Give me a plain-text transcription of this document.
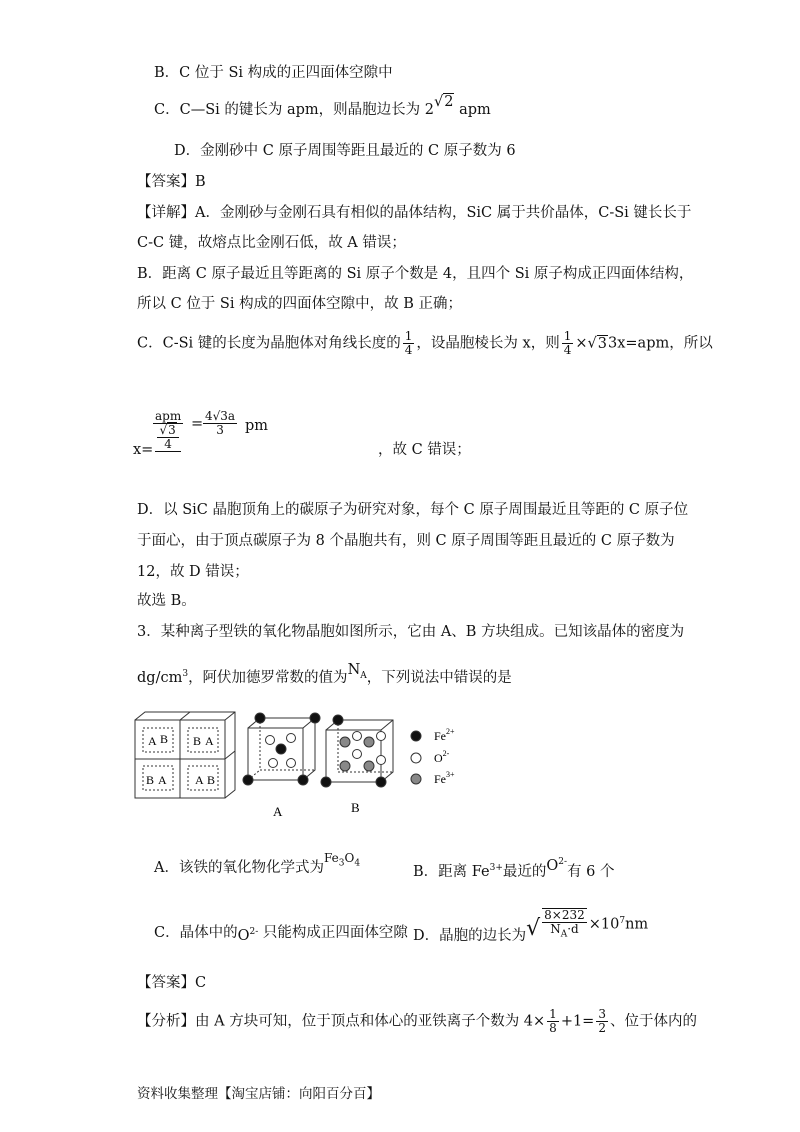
B．C 位于 Si 构成的正四面体空隙中
C．C—Si 的键长为 apm，则晶胞边长为 2√2 apm
D．金刚砂中 C 原子周围等距且最近的 C 原子数为 6
【答案】B
【详解】A．金刚砂与金刚石具有相似的晶体结构，SiC 属于共价晶体，C-Si 键长长于
C-C 键，故熔点比金刚石低，故 A 错误；
B．距离 C 原子最近且等距离的 Si 原子个数是 4，且四个 Si 原子构成正四面体结构，
所以 C 位于 Si 构成的四面体空隙中，故 B 正确；
C．C-Si 键的长度为晶胞体对角线长度的 $\frac{1}{4}$ ，设晶胞棱长为 x，则 $\frac{1}{4} \times√33x=apm$，所以
x=
apm
$\frac{√3}{4} = \frac{4√3a}{3}$ pm
，故 C 错误；
D．以 SiC 晶胞顶角上的碳原子为研究对象，每个 C 原子周围最近且等距的 C 原子位
于面心，由于顶点碳原子为 8 个晶胞共有，则 C 原子周围等距且最近的 C 原子数为
12，故 D 错误；
故选 B。
3．某种离子型铁的氧化物晶胞如图所示，它由 A、B 方块组成。已知该晶体的密度为
$dg/cm^3$，阿伏加德罗常数的值为$N_A$，下列说法中错误的是
A B B A
B A A B
A	B
$Fe^{2+}$
$O^{2-}$
$Fe^{3+}$
A．该铁的氧化物化学式为$^{Fe_3O_4}$
B．距离 $Fe^{3+}$最近的$O^{2-}$有 6 个
C．晶体中的$O^{2-}$ 只能构成正四面体空隙 D．晶胞的边长为√ $\frac{8\times 232}{N_A\cdot d} \times 10^7nm$
【答案】C
【分析】由 A 方块可知，位于顶点和体心的亚铁离子个数为 $4\times \frac{1}{8} +1= \frac{3}{2}$ 、位于体内的
资料收集整理【淘宝店铺：向阳百分百】
